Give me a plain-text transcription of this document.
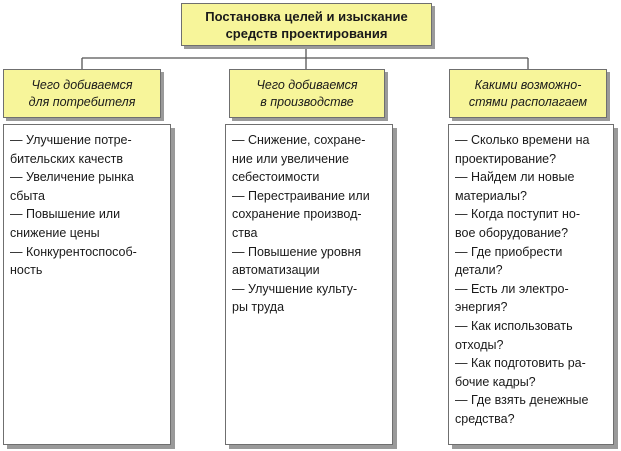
Постановка целей и изыскание
средств проектирования
Чего добиваемся
для потребителя
— Улучшение потре-
бительских качеств
— Увеличение рынка
сбыта
— Повышение или
снижение цены
— Конкурентоспособ-
ность
Чего добиваемся
в производстве
— Снижение, сохране-
ние или увеличение
себестоимости
— Перестраивание или
сохранение производ-
ства
— Повышение уровня
автоматизации
— Улучшение культу-
ры труда
Какими возможно-
стями располагаем
— Сколько времени на
проектирование?
— Найдем ли новые
материалы?
— Когда поступит но-
вое оборудование?
— Где приобрести
детали?
— Есть ли электро-
энергия?
— Как использовать
отходы?
— Как подготовить ра-
бочие кадры?
— Где взять денежные
средства?
